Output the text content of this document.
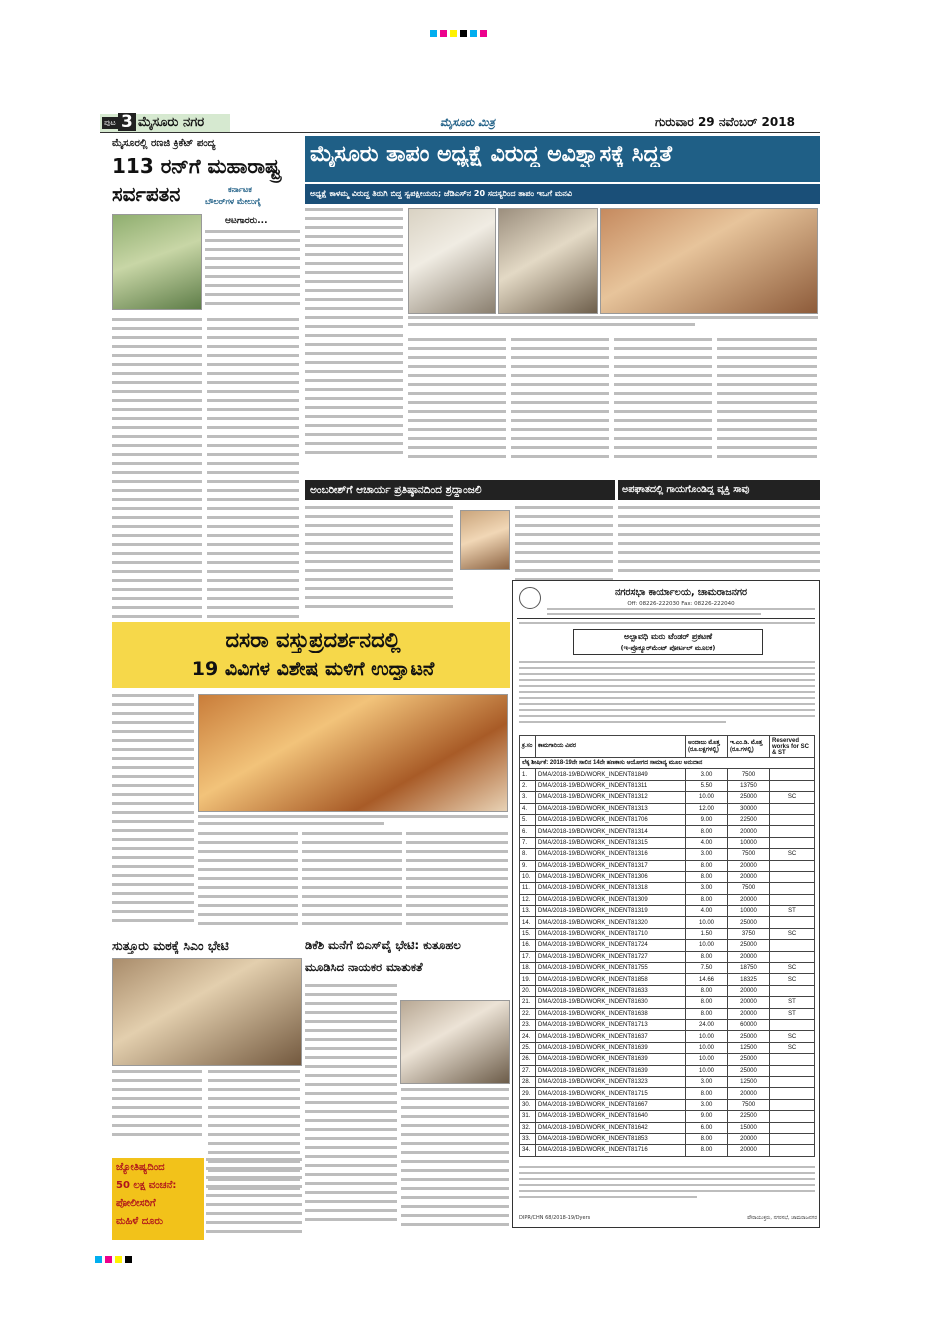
ಪುಟ 3 ಮೈಸೂರು ನಗರ	ಮೈಸೂರು ಮಿತ್ರ	ಗುರುವಾರ 29 ನವೆಂಬರ್ 2018
ಮೈಸೂರಲ್ಲಿ ರಣಜಿ ಕ್ರಿಕೆಟ್ ಪಂದ್ಯ
113 ರನ್‌ಗೆ ಮಹಾರಾಷ್ಟ್ರ
ಸರ್ವಪತನ	ಕರ್ನಾಟಕ
ಬೌಲರ್‌ಗಳ ಮೇಲುಗೈ
ಆಟಗಾರರು...
ಮೈಸೂರು ತಾಪಂ ಅಧ್ಯಕ್ಷೆ ವಿರುದ್ಧ ಅವಿಶ್ವಾಸಕ್ಕೆ ಸಿದ್ಧತೆ
ಅಧ್ಯಕ್ಷೆ ಕಾಳಮ್ಮ ವಿರುದ್ಧ ತಿರುಗಿ ಬಿದ್ದ ಸ್ವಪಕ್ಷೀಯರು; ಜೆಡಿಎಸ್‌ನ 20 ಸದಸ್ಯರಿಂದ ತಾಪಂ ಇಒಗೆ ಮನವಿ
ಅಂಬರೀಶ್‌ಗೆ ಆಚಾರ್ಯ ಪ್ರತಿಷ್ಠಾನದಿಂದ ಶ್ರದ್ಧಾಂಜಲಿ	ಅಪಘಾತದಲ್ಲಿ ಗಾಯಗೊಂಡಿದ್ದ ವ್ಯಕ್ತಿ ಸಾವು
ದಸರಾ ವಸ್ತುಪ್ರದರ್ಶನದಲ್ಲಿ
19 ವಿವಿಗಳ ವಿಶೇಷ ಮಳಿಗೆ ಉದ್ಘಾಟನೆ
ಸುತ್ತೂರು ಮಠಕ್ಕೆ ಸಿಎಂ ಭೇಟಿ
ಜ್ಯೋತಿಷ್ಯದಿಂದ
50 ಲಕ್ಷ ವಂಚನೆ:
ಪೋಲೀಸರಿಗೆ
ಮಹಿಳೆ ದೂರು
ಡಿಕೆಶಿ ಮನೆಗೆ ಬಿಎಸ್‌ವೈ ಭೇಟಿ: ಕುತೂಹಲ
ಮೂಡಿಸಿದ ನಾಯಕರ ಮಾತುಕತೆ
ನಗರಸಭಾ ಕಾರ್ಯಾಲಯ, ಚಾಮರಾಜನಗರ
Off: 08226-222030 Fax: 08226-222040
ಅಲ್ಪಾವಧಿ ಮರು ಟೆಂಡರ್ ಪ್ರಕಟಣೆ
(ಇ-ಪ್ರೊಕ್ಯೂರ್‌ಮೆಂಟ್ ಪೋರ್ಟಲ್ ಮೂಲಕ)
ಕ್ರ.ಸಂ	ಕಾಮಗಾರಿಯ ವಿವರ	ಅಂದಾಜು ಮೊತ್ತ (ರೂ.ಲಕ್ಷಗಳಲ್ಲಿ)	ಇ.ಎಂ.ಡಿ. ಮೊತ್ತ (ರೂ.ಗಳಲ್ಲಿ)	Reserved works for SC & ST
ಲೆಕ್ಕ ಶೀರ್ಷಿಕೆ: 2018-19ನೇ ಸಾಲಿನ 14ನೇ ಹಣಕಾಸು ಆಯೋಗದ ಸಾಮಾನ್ಯ ಮೂಲ ಅನುದಾನ				
1.	DMA/2018-19/BD/WORK_INDENT81849	3.00	7500	
2.	DMA/2018-19/BD/WORK_INDENT81311	5.50	13750	
3.	DMA/2018-19/BD/WORK_INDENT81312	10.00	25000	SC
4.	DMA/2018-19/BD/WORK_INDENT81313	12.00	30000	
5.	DMA/2018-19/BD/WORK_INDENT81706	9.00	22500	
6.	DMA/2018-19/BD/WORK_INDENT81314	8.00	20000	
7.	DMA/2018-19/BD/WORK_INDENT81315	4.00	10000	
8.	DMA/2018-19/BD/WORK_INDENT81316	3.00	7500	SC
9.	DMA/2018-19/BD/WORK_INDENT81317	8.00	20000	
10.	DMA/2018-19/BD/WORK_INDENT81306	8.00	20000	
11.	DMA/2018-19/BD/WORK_INDENT81318	3.00	7500	
12.	DMA/2018-19/BD/WORK_INDENT81309	8.00	20000	
13.	DMA/2018-19/BD/WORK_INDENT81319	4.00	10000	ST
14.	DMA/2018-19/BD/WORK_INDENT81320	10.00	25000	
15.	DMA/2018-19/BD/WORK_INDENT81710	1.50	3750	SC
16.	DMA/2018-19/BD/WORK_INDENT81724	10.00	25000	
17.	DMA/2018-19/BD/WORK_INDENT81727	8.00	20000	
18.	DMA/2018-19/BD/WORK_INDENT81755	7.50	18750	SC
19.	DMA/2018-19/BD/WORK_INDENT81858	14.66	18325	SC
20.	DMA/2018-19/BD/WORK_INDENT81633	8.00	20000	
21.	DMA/2018-19/BD/WORK_INDENT81630	8.00	20000	ST
22.	DMA/2018-19/BD/WORK_INDENT81638	8.00	20000	ST
23.	DMA/2018-19/BD/WORK_INDENT81713	24.00	60000	
24.	DMA/2018-19/BD/WORK_INDENT81637	10.00	25000	SC
25.	DMA/2018-19/BD/WORK_INDENT81639	10.00	12500	SC
26.	DMA/2018-19/BD/WORK_INDENT81639	10.00	25000	
27.	DMA/2018-19/BD/WORK_INDENT81639	10.00	25000	
28.	DMA/2018-19/BD/WORK_INDENT81323	3.00	12500	
29.	DMA/2018-19/BD/WORK_INDENT81715	8.00	20000	
30.	DMA/2018-19/BD/WORK_INDENT81667	3.00	7500	
31.	DMA/2018-19/BD/WORK_INDENT81640	9.00	22500	
32.	DMA/2018-19/BD/WORK_INDENT81642	6.00	15000	
33.	DMA/2018-19/BD/WORK_INDENT81853	8.00	20000	
34.	DMA/2018-19/BD/WORK_INDENT81716	8.00	20000	
DIPR/CHN 68/2018-19/Dyers	ಪೌರಾಯುಕ್ತರು, ನಗರಸಭೆ, ಚಾಮರಾಜನಗರ
